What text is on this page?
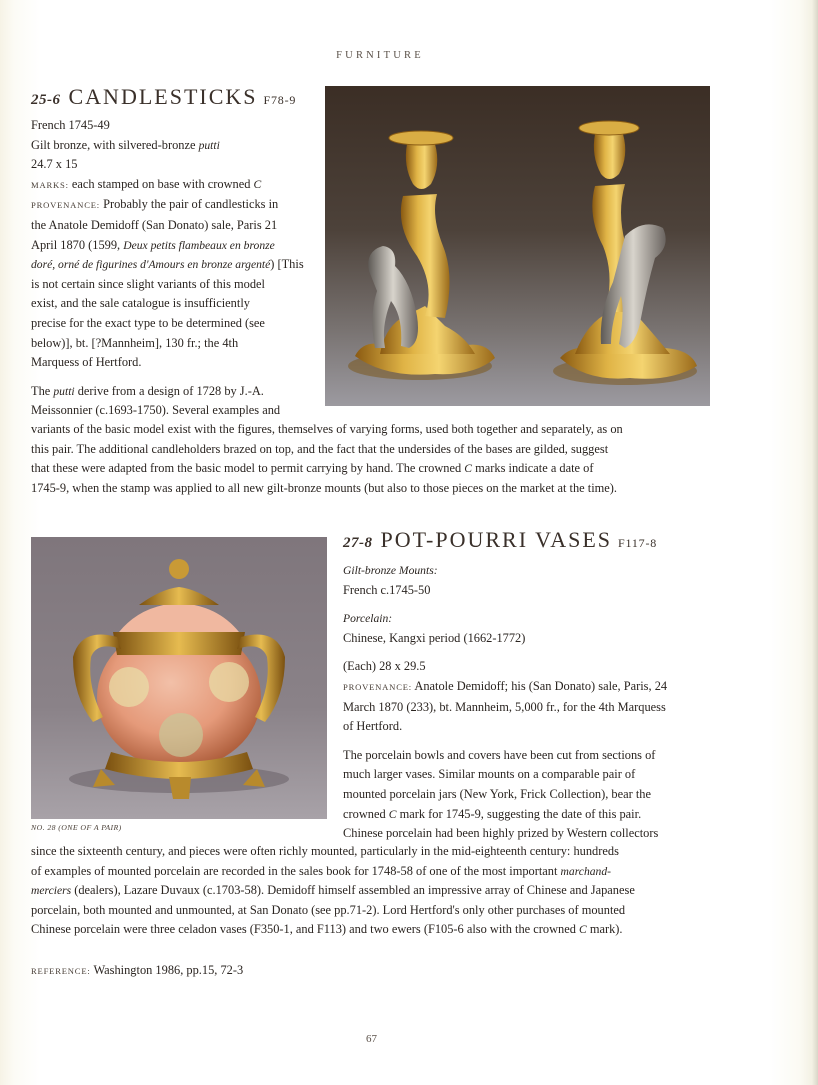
FURNITURE
25-6 CANDLESTICKS F78-9

French 1745-49

Gilt bronze, with silvered-bronze putti

24.7 x 15

MARKS: each stamped on base with crowned C

PROVENANCE: Probably the pair of candlesticks in

the Anatole Demidoff (San Donato) sale, Paris 21

April 1870 (1599, Deux petits flambeaux en bronze

doré, orné de figurines d'Amours en bronze argenté) [This

is not certain since slight variants of this model

exist, and the sale catalogue is insufficiently

precise for the exact type to be determined (see

below)], bt. [?Mannheim], 130 fr.; the 4th

Marquess of Hertford.

The putti derive from a design of 1728 by J.-A.

Meissonnier (c.1693-1750). Several examples and

variants of the basic model exist with the figures, themselves of varying forms, used both together and separately, as on

this pair. The additional candleholders brazed on top, and the fact that the undersides of the bases are gilded, suggest

that these were adapted from the basic model to permit carrying by hand. The crowned C marks indicate a date of

1745-9, when the stamp was applied to all new gilt-bronze mounts (but also to those pieces on the market at the time).

NO. 28 (ONE OF A PAIR)
27-8 POT-POURRI VASES F117-8

Gilt-bronze Mounts:

French c.1745-50

Porcelain:

Chinese, Kangxi period (1662-1772)

(Each) 28 x 29.5

PROVENANCE: Anatole Demidoff; his (San Donato) sale, Paris, 24

March 1870 (233), bt. Mannheim, 5,000 fr., for the 4th Marquess

of Hertford.

The porcelain bowls and covers have been cut from sections of

much larger vases. Similar mounts on a comparable pair of

mounted porcelain jars (New York, Frick Collection), bear the

crowned C mark for 1745-9, suggesting the date of this pair.

Chinese porcelain had been highly prized by Western collectors

since the sixteenth century, and pieces were often richly mounted, particularly in the mid-eighteenth century: hundreds

of examples of mounted porcelain are recorded in the sales book for 1748-58 of one of the most important marchand-

merciers (dealers), Lazare Duvaux (c.1703-58). Demidoff himself assembled an impressive array of Chinese and Japanese

porcelain, both mounted and unmounted, at San Donato (see pp.71-2). Lord Hertford's only other purchases of mounted

Chinese porcelain were three celadon vases (F350-1, and F113) and two ewers (F105-6 also with the crowned C mark).

REFERENCE: Washington 1986, pp.15, 72-3
67
